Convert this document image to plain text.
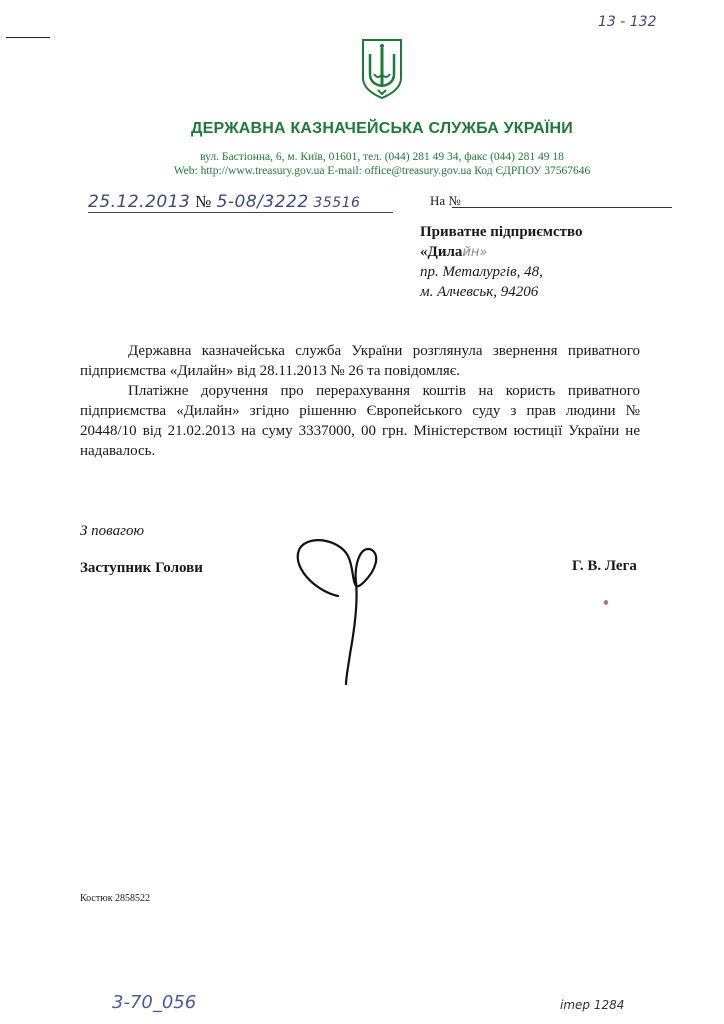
13 - 132
ДЕРЖАВНА КАЗНАЧЕЙСЬКА СЛУЖБА УКРАЇНИ
вул. Бастіонна, 6, м. Київ, 01601, тел. (044) 281 49 34, факс (044) 281 49 18
Web: http://www.treasury.gov.ua E-mail: office@treasury.gov.ua Код ЄДРПОУ 37567646
25.12.2013 № 5-08/3222 35516	На №
Приватне підприємство
«Дилайн»
пр. Металургів, 48,
м. Алчевськ, 94206
Державна казначейська служба України розглянула звернення приватного підприємства «Дилайн» від 28.11.2013 № 26 та повідомляє.
Платіжне доручення про перерахування коштів на користь приватного підприємства «Дилайн» згідно рішенню Європейського суду з прав людини № 20448/10 від 21.02.2013 на суму 3337000, 00 грн. Міністерством юстиції України не надавалось.
З повагою
Заступник Голови	Г. В. Лега
Костюк 2858522
3-70_056	imep 1284
